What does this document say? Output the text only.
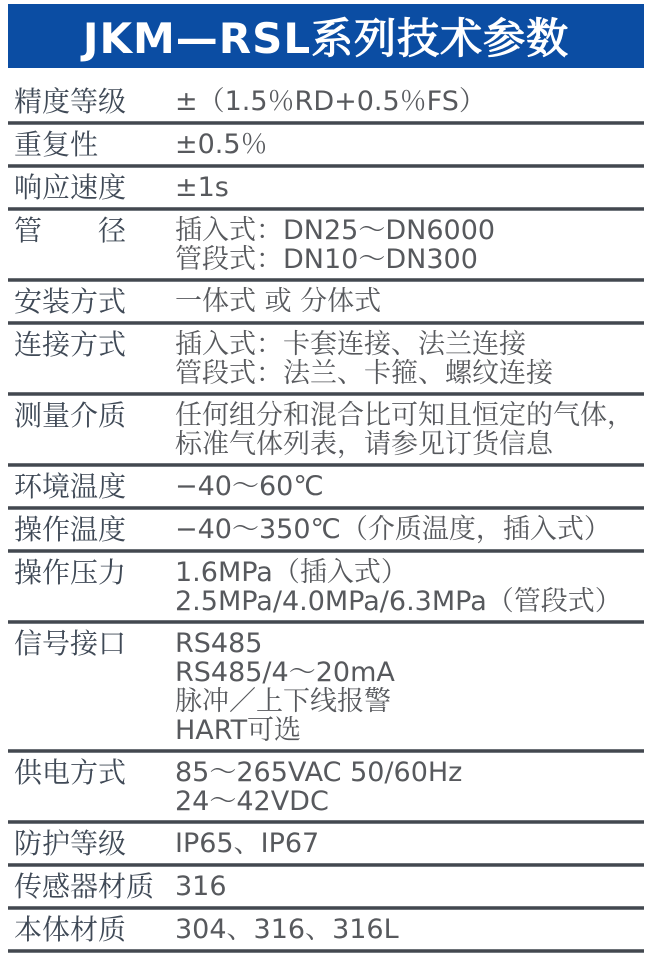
JKM—RSL系列技术参数
精度等级	±（1.5％RD+0.5％FS）
重复性	±0.5％
响应速度	±1s
管　　径	插入式：DN25～DN6000
管段式：DN10～DN300
安装方式	一体式 或 分体式
连接方式	插入式：卡套连接、法兰连接
管段式：法兰、卡箍、螺纹连接
测量介质	任何组分和混合比可知且恒定的气体，
标准气体列表，请参见订货信息
环境温度	−40～60℃
操作温度	−40～350℃（介质温度，插入式）
操作压力	1.6MPa（插入式）
2.5MPa/4.0MPa/6.3MPa（管段式）
信号接口	RS485
RS485/4～20mA
脉冲／上下线报警
HART可选
供电方式	85～265VAC 50/60Hz
24～42VDC
防护等级	IP65、IP67
传感器材质 316
本体材质	304、316、316L
